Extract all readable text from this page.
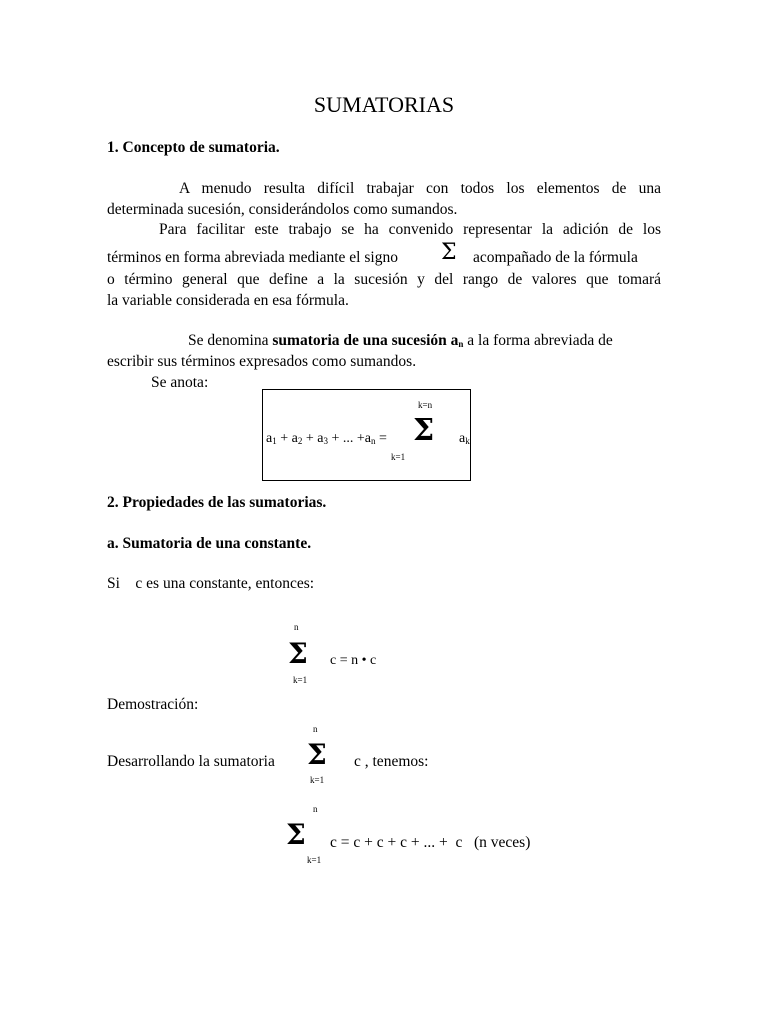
SUMATORIAS
1. Concepto de sumatoria.
A menudo resulta difícil trabajar con todos los elementos de una
determinada sucesión, considerándolos como sumandos.
Para facilitar este trabajo se ha convenido representar la adición de los
términos en forma abreviada mediante el signo Σ acompañado de la fórmula
o término general que define a la sucesión y del rango de valores que tomará
la variable considerada en esa fórmula.
Se denomina sumatoria de una sucesión $a_n$ a la forma abreviada de
escribir sus términos expresados como sumandos.
Se anota:
k=n
$a_1 + a_2 + a_3$ + ... $+a_n = \Sigma$
k=1
$a_k$
2. Propiedades de las sumatorias.
a. Sumatoria de una constante.
Si    c es una constante, entonces:
n
Σ
k=1
c = n • c
Demostración:
n
Desarrollando la sumatoria Σ
k=1
c , tenemos:
n
Σ
k=1
c = c + c + c + ... +  c   (n veces)
